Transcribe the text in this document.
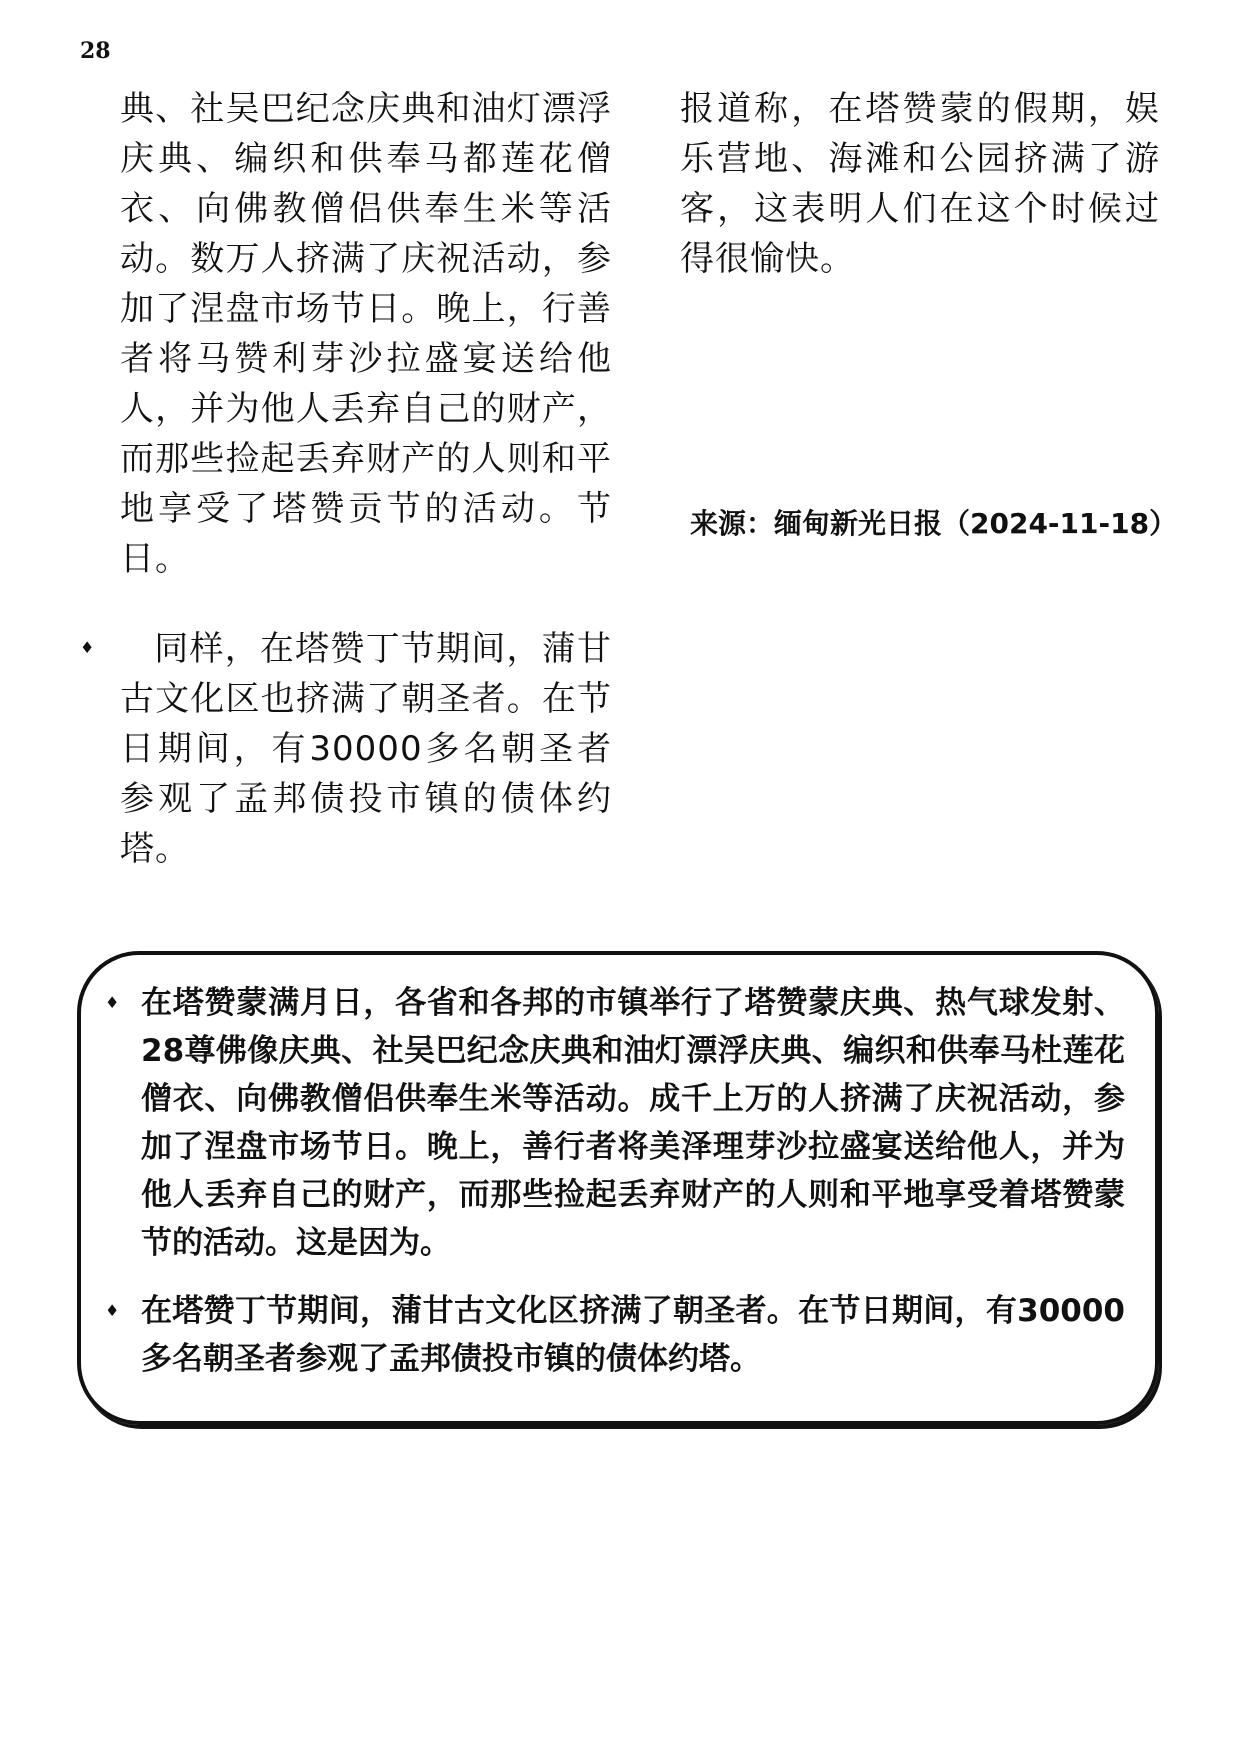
28

典、社吴巴纪念庆典和油灯漂浮庆典、编织和供奉马都莲花僧衣、向佛教僧侣供奉生米等活动。数万人挤满了庆祝活动，参加了涅盘市场节日。晚上，行善者将马赞利芽沙拉盛宴送给他人，并为他人丢弃自己的财产，而那些捡起丢弃财产的人则和平地享受了塔赞贡节的活动。节日。

♦	同样，在塔赞丁节期间，蒲甘古文化区也挤满了朝圣者。在节日期间，有30000多名朝圣者参观了孟邦债投市镇的债体约塔。

报道称，在塔赞蒙的假期，娱乐营地、海滩和公园挤满了游客，这表明人们在这个时候过得很愉快。

来源：缅甸新光日报（2024-11-18）
♦ 在塔赞蒙满月日，各省和各邦的市镇举行了塔赞蒙庆典、热气球发射、28尊佛像庆典、社吴巴纪念庆典和油灯漂浮庆典、编织和供奉马杜莲花僧衣、向佛教僧侣供奉生米等活动。成千上万的人挤满了庆祝活动，参加了涅盘市场节日。晚上，善行者将美泽理芽沙拉盛宴送给他人，并为他人丢弃自己的财产，而那些捡起丢弃财产的人则和平地享受着塔赞蒙节的活动。这是因为。
♦ 在塔赞丁节期间，蒲甘古文化区挤满了朝圣者。在节日期间，有30000多名朝圣者参观了孟邦债投市镇的债体约塔。
